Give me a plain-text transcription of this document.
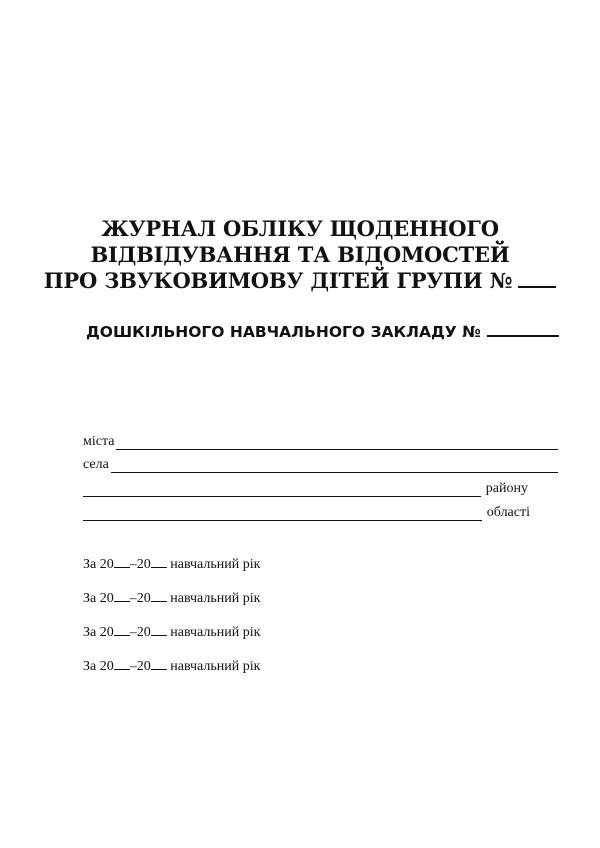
ЖУРНАЛ ОБЛІКУ ЩОДЕННОГО
ВІДВІДУВАННЯ ТА ВІДОМОСТЕЙ
ПРО ЗВУКОВИМОВУ ДІТЕЙ ГРУПИ №
ДОШКІЛЬНОГО НАВЧАЛЬНОГО ЗАКЛАДУ №
міста
села
району
області
За 20 –20 навчальний рік
За 20 –20 навчальний рік
За 20 –20 навчальний рік
За 20 –20 навчальний рік
